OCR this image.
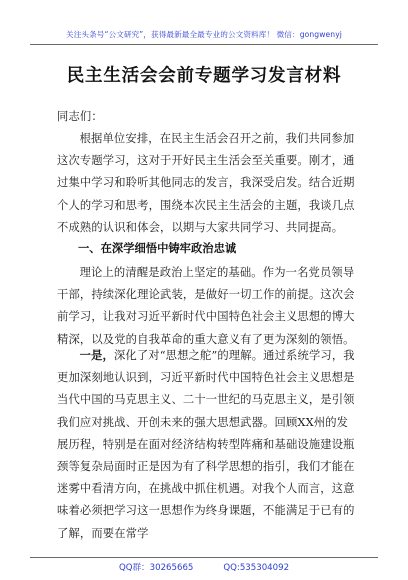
关注头条号“公文研究”，获得最新最全最专业的公文资料库！ 微信：gongwenyj
民主生活会会前专题学习发言材料
同志们：
根据单位安排，在民主生活会召开之前，我们共同参加这次专题学习，这对于开好民主生活会至关重要。刚才，通过集中学习和聆听其他同志的发言，我深受启发。结合近期个人的学习和思考，围绕本次民主生活会的主题，我谈几点不成熟的认识和体会，以期与大家共同学习、共同提高。
一、在深学细悟中铸牢政治忠诚
理论上的清醒是政治上坚定的基础。作为一名党员领导干部，持续深化理论武装，是做好一切工作的前提。这次会前学习，让我对习近平新时代中国特色社会主义思想的博大精深，以及党的自我革命的重大意义有了更为深刻的领悟。
一是，深化了对“思想之舵”的理解。通过系统学习，我更加深刻地认识到，习近平新时代中国特色社会主义思想是当代中国的马克思主义、二十一世纪的马克思主义，是引领我们应对挑战、开创未来的强大思想武器。回顾XX州的发展历程，特别是在面对经济结构转型阵痛和基础设施建设瓶颈等复杂局面时正是因为有了科学思想的指引，我们才能在迷雾中看清方向，在挑战中抓住机遇。对我个人而言，这意味着必须把学习这一思想作为终身课题，不能满足于已有的了解，而要在常学
QQ群：30265665	QQ:535304092
